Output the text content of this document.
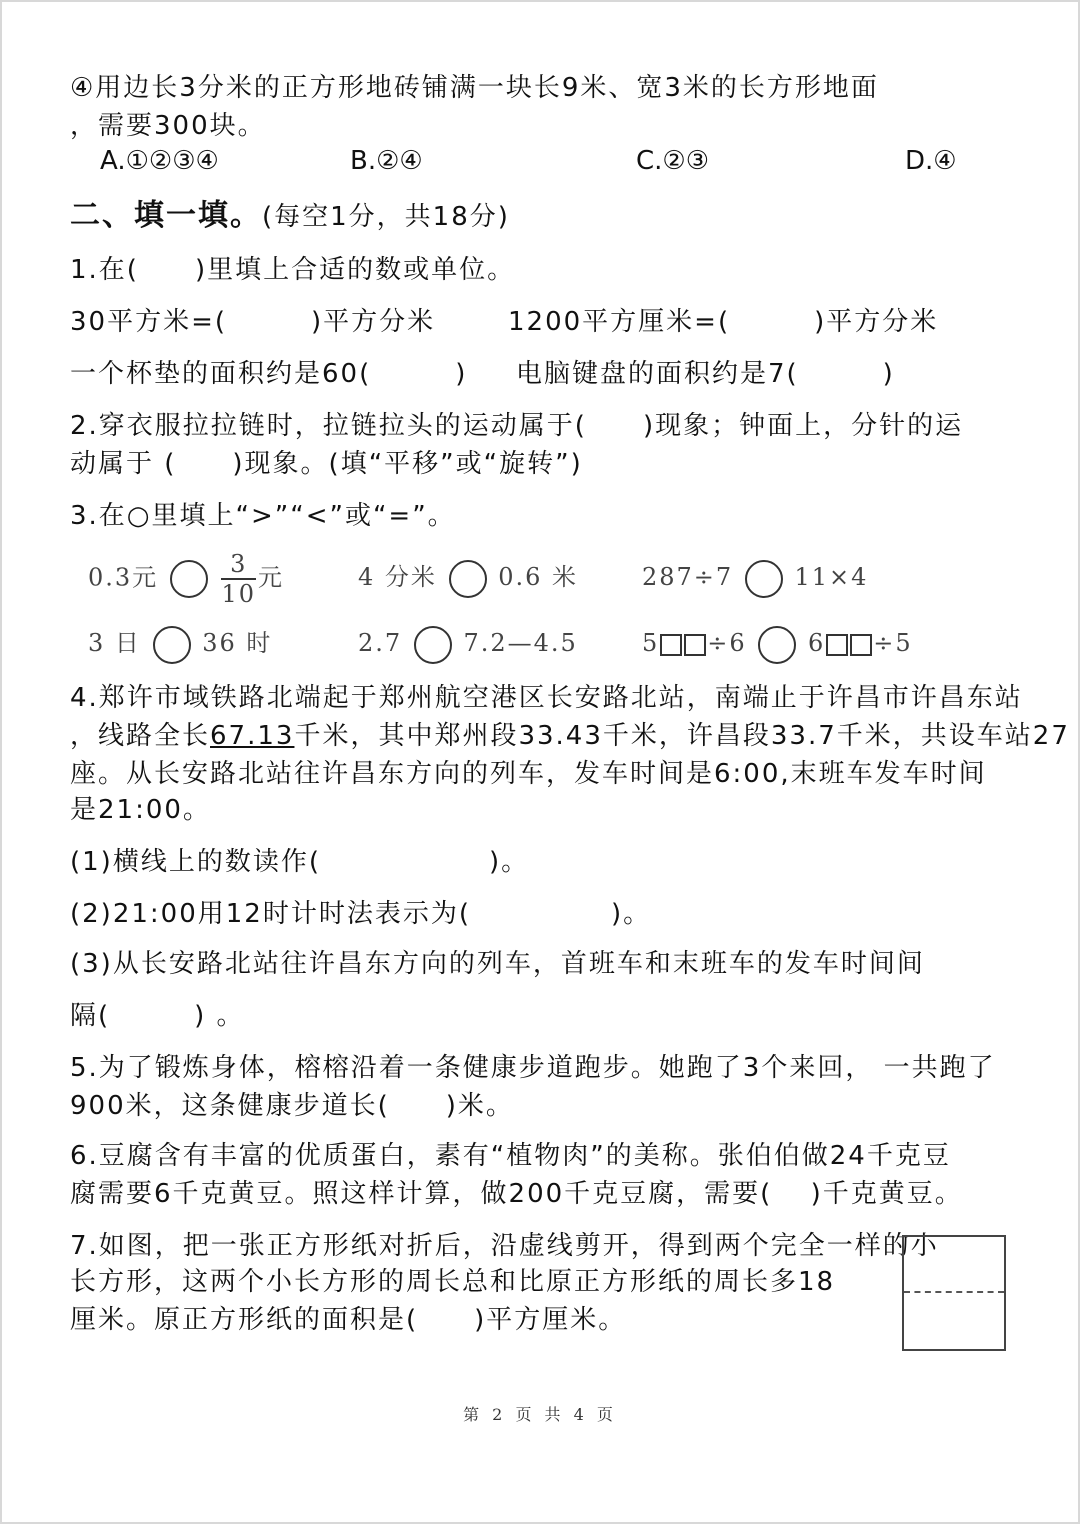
④用边长3分米的正方形地砖铺满一块长9米、宽3米的长方形地面
，需要300块。
A.①②③④	B.②④	C.②③	D.④
二、填一填。(每空1分，共18分)
1.在(　　)里填上合适的数或单位。
30平方米=(　　　)平方分米	1200平方厘米=(　　　)平方分米
一个杯垫的面积约是60(　　　) 电脑键盘的面积约是7(　　　)
2.穿衣服拉拉链时，拉链拉头的运动属于(　　)现象；钟面上，分针的运
动属于 (　　)现象。(填“平移”或“旋转”)
3.在○里填上“>”“<”或“=”。
0.3元	$\frac{3}{10}$ 元	4 分米	0.6 米	287÷7	11×4
3 日	36 时	2.7	7.2—4.5	5 ÷6	6 ÷5
4.郑许市域铁路北端起于郑州航空港区长安路北站，南端止于许昌市许昌东站
，线路全长67.13千米，其中郑州段33.43千米，许昌段33.7千米，共设车站27
座。从长安路北站往许昌东方向的列车，发车时间是6:00,末班车发车时间
是21:00。
(1)横线上的数读作(　　　　　　)。
(2)21:00用12时计时法表示为(　　　　　)。
(3)从长安路北站往许昌东方向的列车，首班车和末班车的发车时间间
隔(　　　) 。
5.为了锻炼身体，榕榕沿着一条健康步道跑步。她跑了3个来回， 一共跑了
900米，这条健康步道长(　　)米。
6.豆腐含有丰富的优质蛋白，素有“植物肉”的美称。张伯伯做24千克豆
腐需要6千克黄豆。照这样计算，做200千克豆腐，需要(　 )千克黄豆。
7.如图，把一张正方形纸对折后，沿虚线剪开，得到两个完全一样的小
长方形，这两个小长方形的周长总和比原正方形纸的周长多18
厘米。原正方形纸的面积是(　　)平方厘米。
第 2 页 共 4 页
